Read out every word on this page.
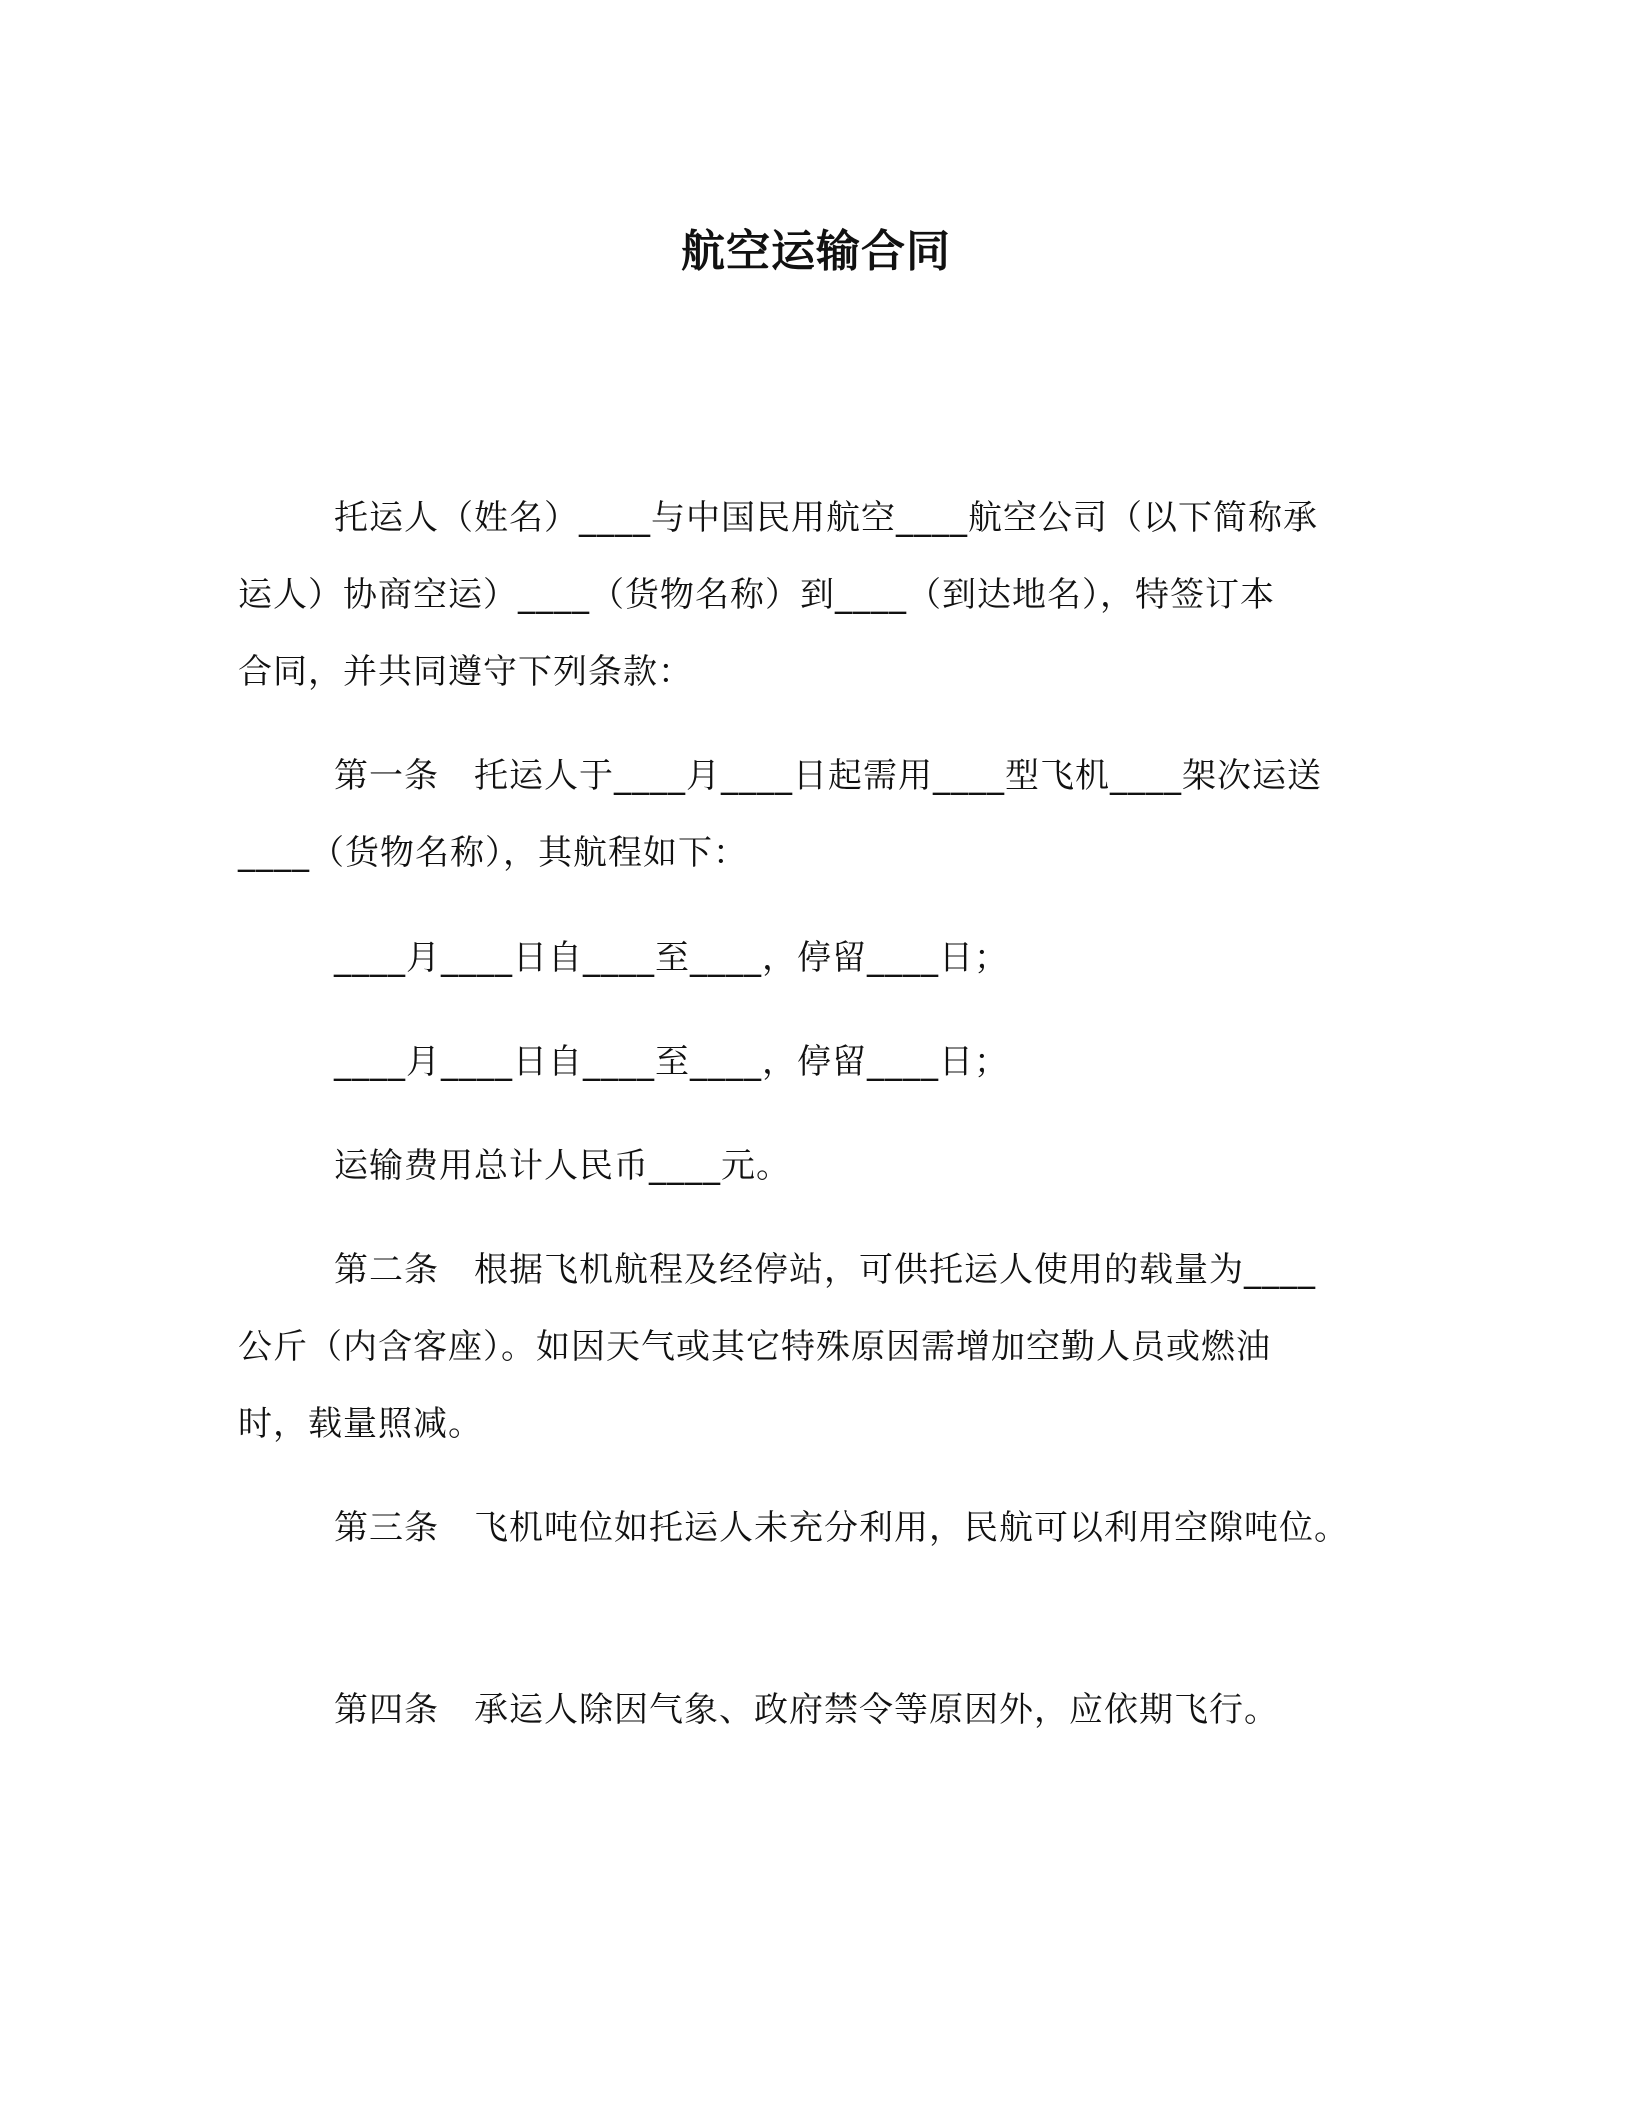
航空运输合同
托运人（姓名）____与中国民用航空____航空公司（以下简称承
运人）协商空运）____（货物名称）到____（到达地名），特签订本
合同，并共同遵守下列条款：
第一条　托运人于____月____日起需用____型飞机____架次运送
____（货物名称），其航程如下：
____月____日自____至____，停留____日；
____月____日自____至____，停留____日；
运输费用总计人民币____元。
第二条　根据飞机航程及经停站，可供托运人使用的载量为____
公斤（内含客座）。如因天气或其它特殊原因需增加空勤人员或燃油
时，载量照减。
第三条　飞机吨位如托运人未充分利用，民航可以利用空隙吨位。
第四条　承运人除因气象、政府禁令等原因外，应依期飞行。
